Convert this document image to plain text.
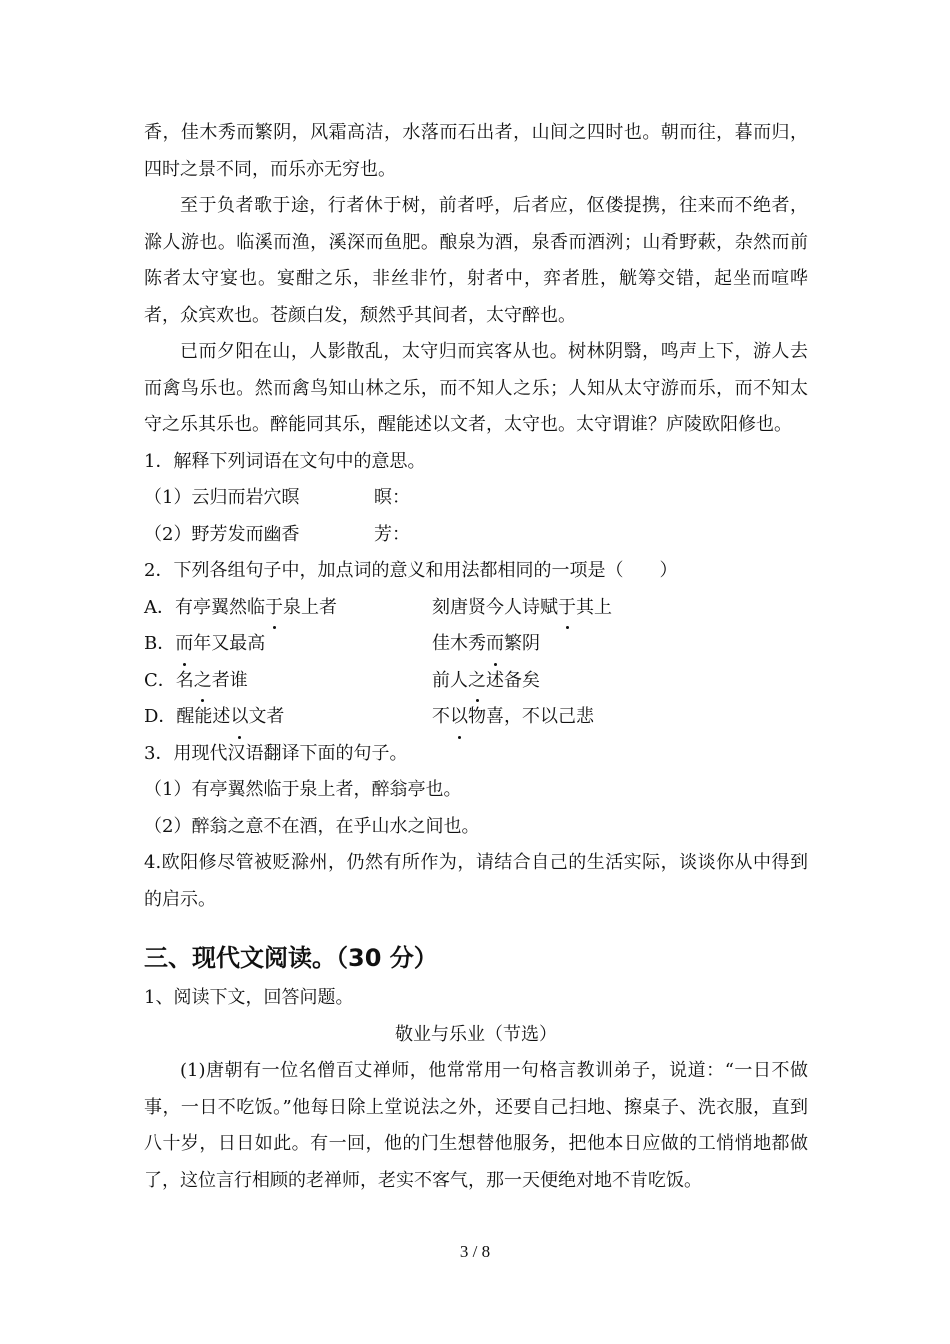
香，佳木秀而繁阴，风霜高洁，水落而石出者，山间之四时也。朝而往，暮而归，四时之景不同，而乐亦无穷也。

至于负者歌于途，行者休于树，前者呼，后者应，伛偻提携，往来而不绝者，滁人游也。临溪而渔，溪深而鱼肥。酿泉为酒，泉香而酒洌；山肴野蔌，杂然而前陈者太守宴也。宴酣之乐，非丝非竹，射者中，弈者胜，觥筹交错，起坐而喧哗者，众宾欢也。苍颜白发，颓然乎其间者，太守醉也。

已而夕阳在山，人影散乱，太守归而宾客从也。树林阴翳，鸣声上下，游人去而禽鸟乐也。然而禽鸟知山林之乐，而不知人之乐；人知从太守游而乐，而不知太守之乐其乐也。醉能同其乐，醒能述以文者，太守也。太守谓谁？庐陵欧阳修也。

1．解释下列词语在文句中的意思。

（1）云归而岩穴暝	暝：
（2）野芳发而幽香	芳：

2．下列各组句子中，加点词的意义和用法都相同的一项是（　　）

A．有亭翼然临于泉上者	刻唐贤今人诗赋于其上
B．而年又最高	佳木秀而繁阴
C．名之者谁	前人之述备矣
D．醒能述以文者	不以物喜，不以己悲

3．用现代汉语翻译下面的句子。

（1）有亭翼然临于泉上者，醉翁亭也。

（2）醉翁之意不在酒，在乎山水之间也。

4.欧阳修尽管被贬滁州，仍然有所作为，请结合自己的生活实际，谈谈你从中得到的启示。

三、现代文阅读。（30 分）

1、阅读下文，回答问题。

敬业与乐业（节选）

(1)唐朝有一位名僧百丈禅师，他常常用一句格言教训弟子，说道：“一日不做事，一日不吃饭。”他每日除上堂说法之外，还要自己扫地、擦桌子、洗衣服，直到八十岁，日日如此。有一回，他的门生想替他服务，把他本日应做的工悄悄地都做了，这位言行相顾的老禅师，老实不客气，那一天便绝对地不肯吃饭。

3 / 8
